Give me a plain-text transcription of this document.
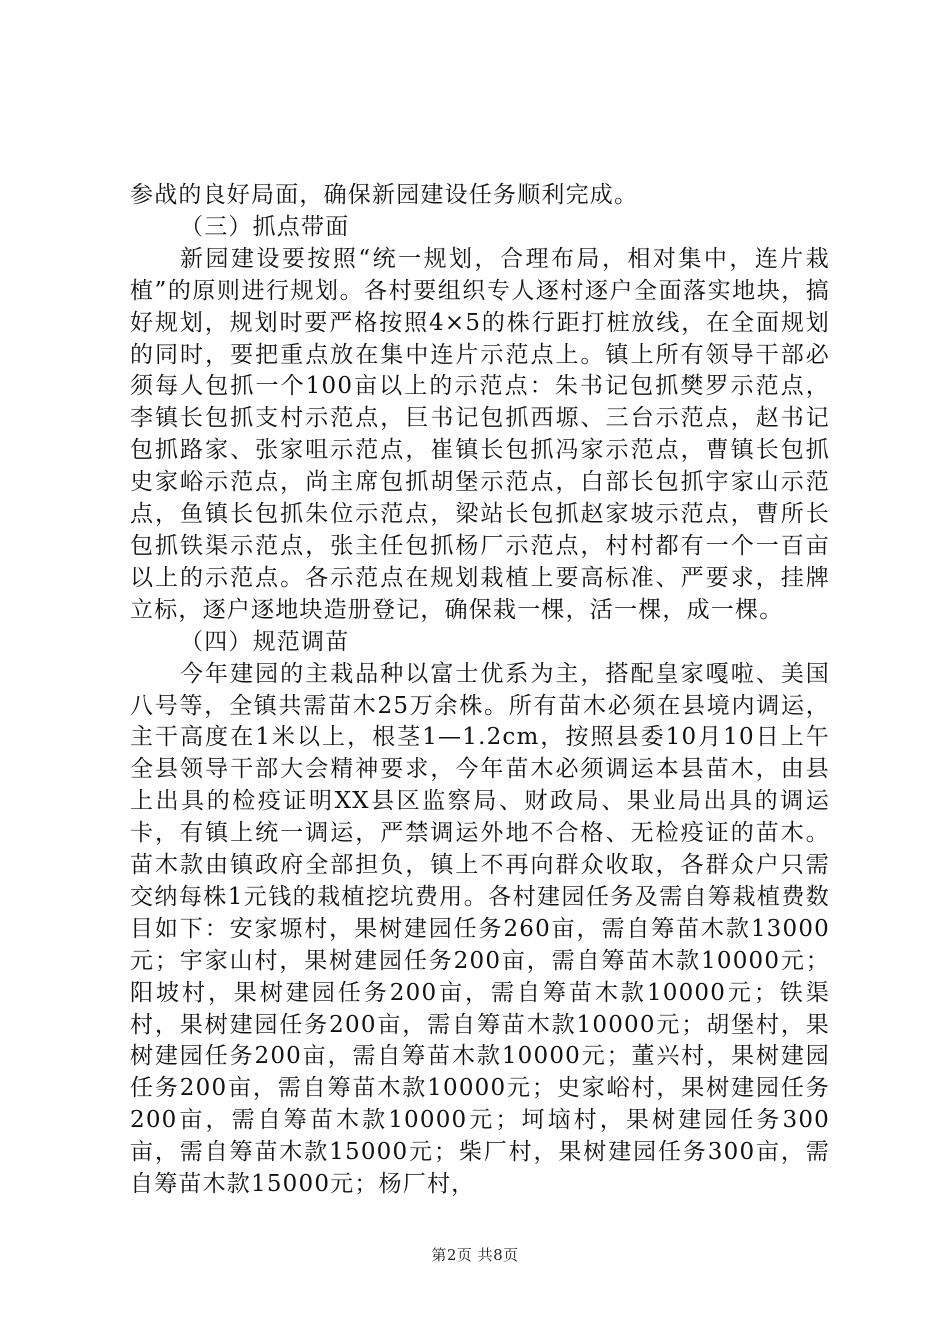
参战的良好局面，确保新园建设任务顺利完成。

（三）抓点带面

新园建设要按照“统一规划，合理布局，相对集中，连片栽植”的原则进行规划。各村要组织专人逐村逐户全面落实地块，搞好规划，规划时要严格按照4×5的株行距打桩放线，在全面规划的同时，要把重点放在集中连片示范点上。镇上所有领导干部必须每人包抓一个100亩以上的示范点：朱书记包抓樊罗示范点，李镇长包抓支村示范点，巨书记包抓西塬、三台示范点，赵书记包抓路家、张家咀示范点，崔镇长包抓冯家示范点，曹镇长包抓史家峪示范点，尚主席包抓胡堡示范点，白部长包抓宇家山示范点，鱼镇长包抓朱位示范点，梁站长包抓赵家坡示范点，曹所长包抓铁渠示范点，张主任包抓杨厂示范点，村村都有一个一百亩以上的示范点。各示范点在规划栽植上要高标准、严要求，挂牌立标，逐户逐地块造册登记，确保栽一棵，活一棵，成一棵。

（四）规范调苗

今年建园的主栽品种以富士优系为主，搭配皇家嘎啦、美国八号等，全镇共需苗木25万余株。所有苗木必须在县境内调运，主干高度在1米以上，根茎1—1.2cm，按照县委10月10日上午全县领导干部大会精神要求，今年苗木必须调运本县苗木，由县上出具的检疫证明XX县区监察局、财政局、果业局出具的调运卡，有镇上统一调运，严禁调运外地不合格、无检疫证的苗木。苗木款由镇政府全部担负，镇上不再向群众收取，各群众户只需交纳每株1元钱的栽植挖坑费用。各村建园任务及需自筹栽植费数目如下：安家塬村，果树建园任务260亩，需自筹苗木款13000元；宇家山村，果树建园任务200亩，需自筹苗木款10000元；阳坡村，果树建园任务200亩，需自筹苗木款10000元；铁渠村，果树建园任务200亩，需自筹苗木款10000元；胡堡村，果树建园任务200亩，需自筹苗木款10000元；董兴村，果树建园任务200亩，需自筹苗木款10000元；史家峪村，果树建园任务200亩，需自筹苗木款10000元；坷垴村，果树建园任务300亩，需自筹苗木款15000元；柴厂村，果树建园任务300亩，需自筹苗木款15000元；杨厂村，

第2页 共8页
